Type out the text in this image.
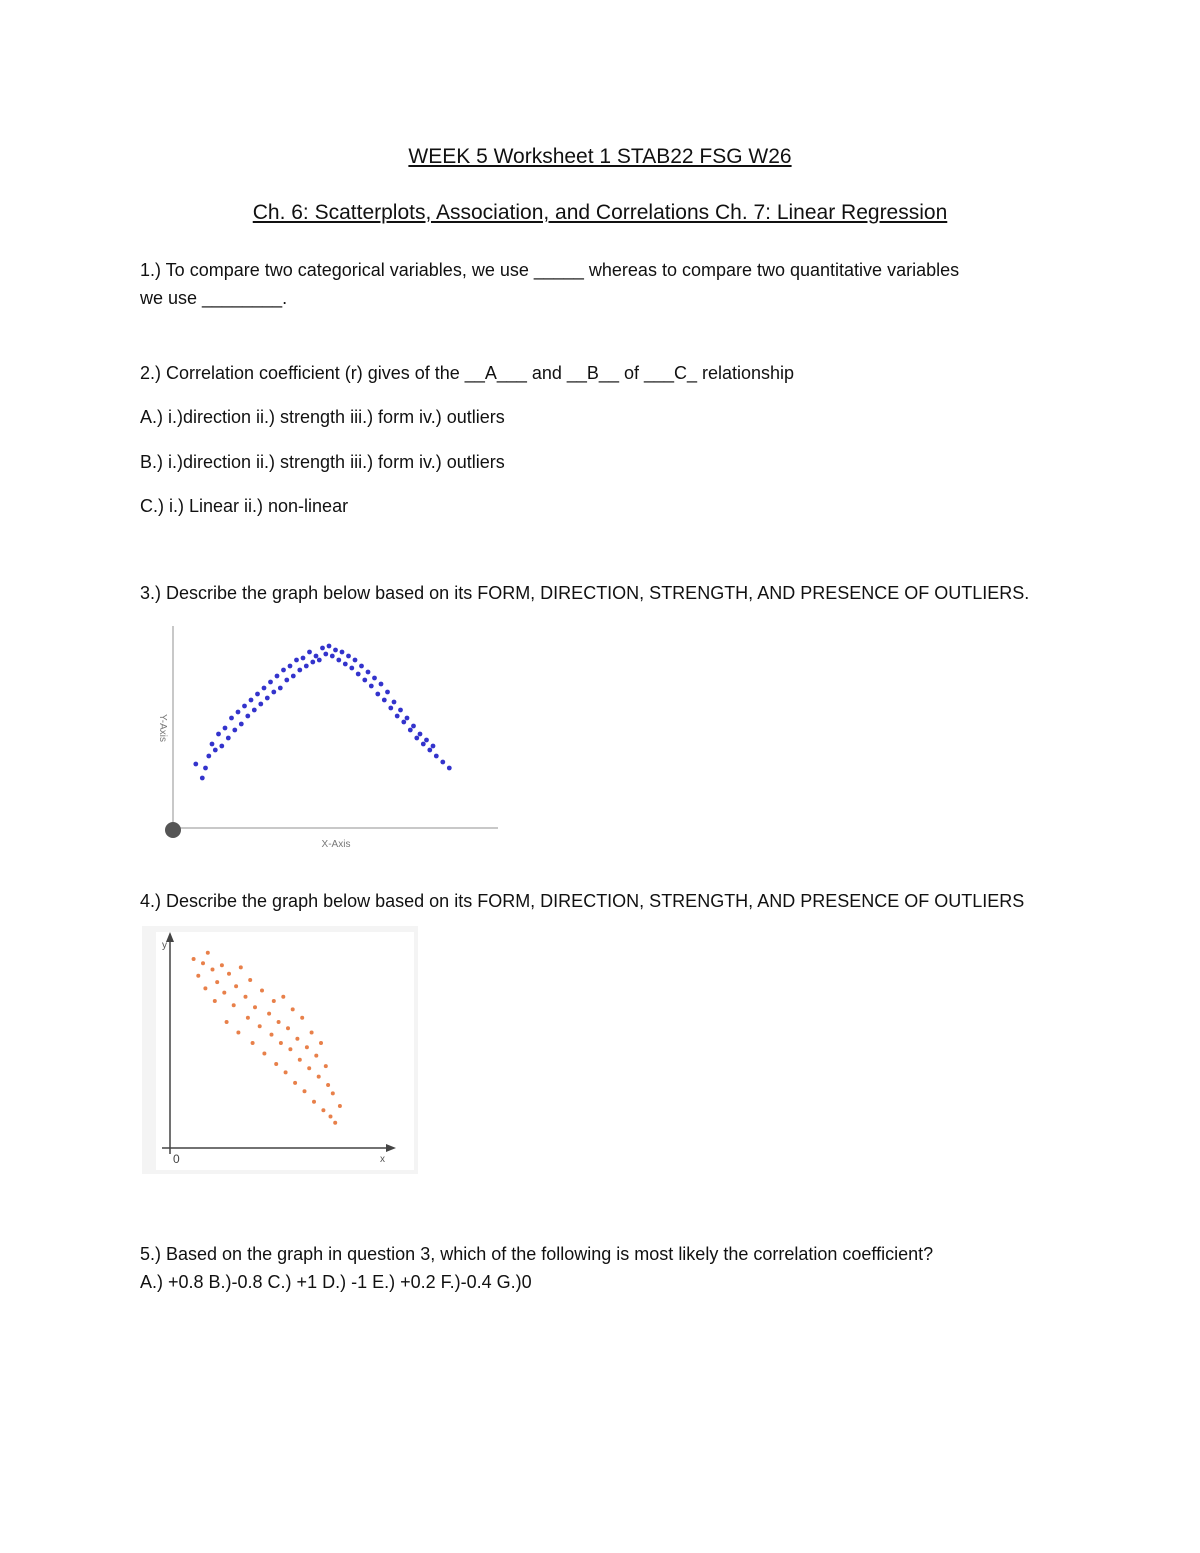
WEEK 5 Worksheet 1 STAB22 FSG W26
Ch. 6: Scatterplots, Association, and Correlations Ch. 7: Linear Regression
1.) To compare two categorical variables, we use _____ whereas to compare two quantitative variables
we use ________.
2.) Correlation coefficient (r) gives of the __A___ and __B__ of ___C_ relationship
A.) i.)direction ii.) strength iii.) form iv.) outliers
B.) i.)direction ii.) strength iii.) form iv.) outliers
C.) i.) Linear ii.) non-linear
3.) Describe the graph below based on its FORM, DIRECTION, STRENGTH, AND PRESENCE OF OUTLIERS.
X-Axis
Y-Axis
4.) Describe the graph below based on its FORM, DIRECTION, STRENGTH, AND PRESENCE OF OUTLIERS
y
x
0
5.) Based on the graph in question 3, which of the following is most likely the correlation coefficient?
A.) +0.8 B.)-0.8 C.) +1 D.) -1 E.) +0.2 F.)-0.4 G.)0
